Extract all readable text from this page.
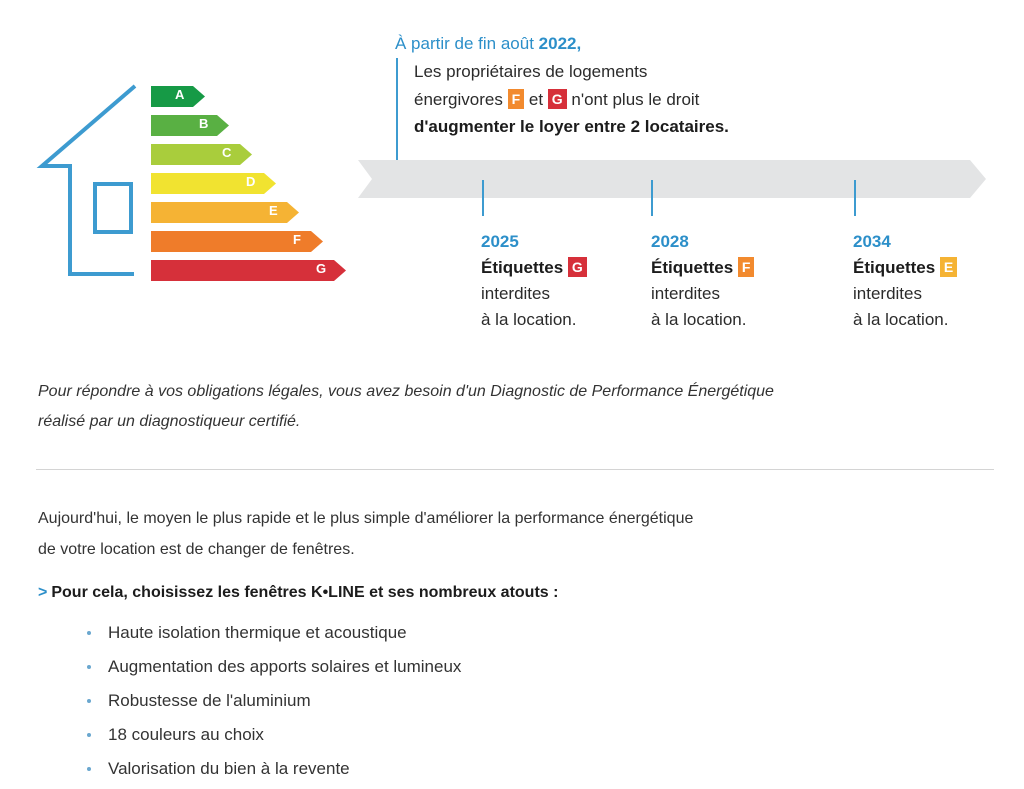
A
B
C
D
E
F
G
À partir de fin août 2022,
Les propriétaires de logements
énergivores F et G n'ont plus le droit
d'augmenter le loyer entre 2 locataires.
2025
Étiquettes G
interdites
à la location.
2028
Étiquettes F
interdites
à la location.
2034
Étiquettes E
interdites
à la location.
Pour répondre à vos obligations légales, vous avez besoin d'un Diagnostic de Performance Énergétique
réalisé par un diagnostiqueur certifié.
Aujourd'hui, le moyen le plus rapide et le plus simple d'améliorer la performance énergétique
de votre location est de changer de fenêtres.
> Pour cela, choisissez les fenêtres K•LINE et ses nombreux atouts :
Haute isolation thermique et acoustique
Augmentation des apports solaires et lumineux
Robustesse de l'aluminium
18 couleurs au choix
Valorisation du bien à la revente
